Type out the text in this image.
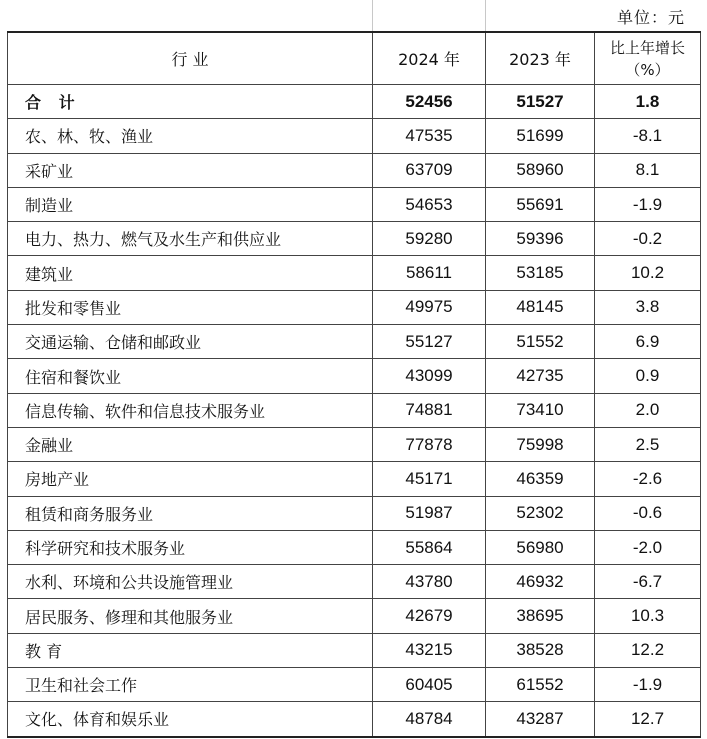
单位：元
行 业	2024 年	2023 年	比上年增长
（%）

合 计	52456	51527	1.8
农、林、牧、渔业	47535	51699	-8.1
采矿业	63709	58960	8.1
制造业	54653	55691	-1.9
电力、热力、燃气及水生产和供应业	59280	59396	-0.2
建筑业	58611	53185	10.2
批发和零售业	49975	48145	3.8
交通运输、仓储和邮政业	55127	51552	6.9
住宿和餐饮业	43099	42735	0.9
信息传输、软件和信息技术服务业	74881	73410	2.0
金融业	77878	75998	2.5
房地产业	45171	46359	-2.6
租赁和商务服务业	51987	52302	-0.6
科学研究和技术服务业	55864	56980	-2.0
水利、环境和公共设施管理业	43780	46932	-6.7
居民服务、修理和其他服务业	42679	38695	10.3
教 育	43215	38528	12.2
卫生和社会工作	60405	61552	-1.9
文化、体育和娱乐业	48784	43287	12.7
